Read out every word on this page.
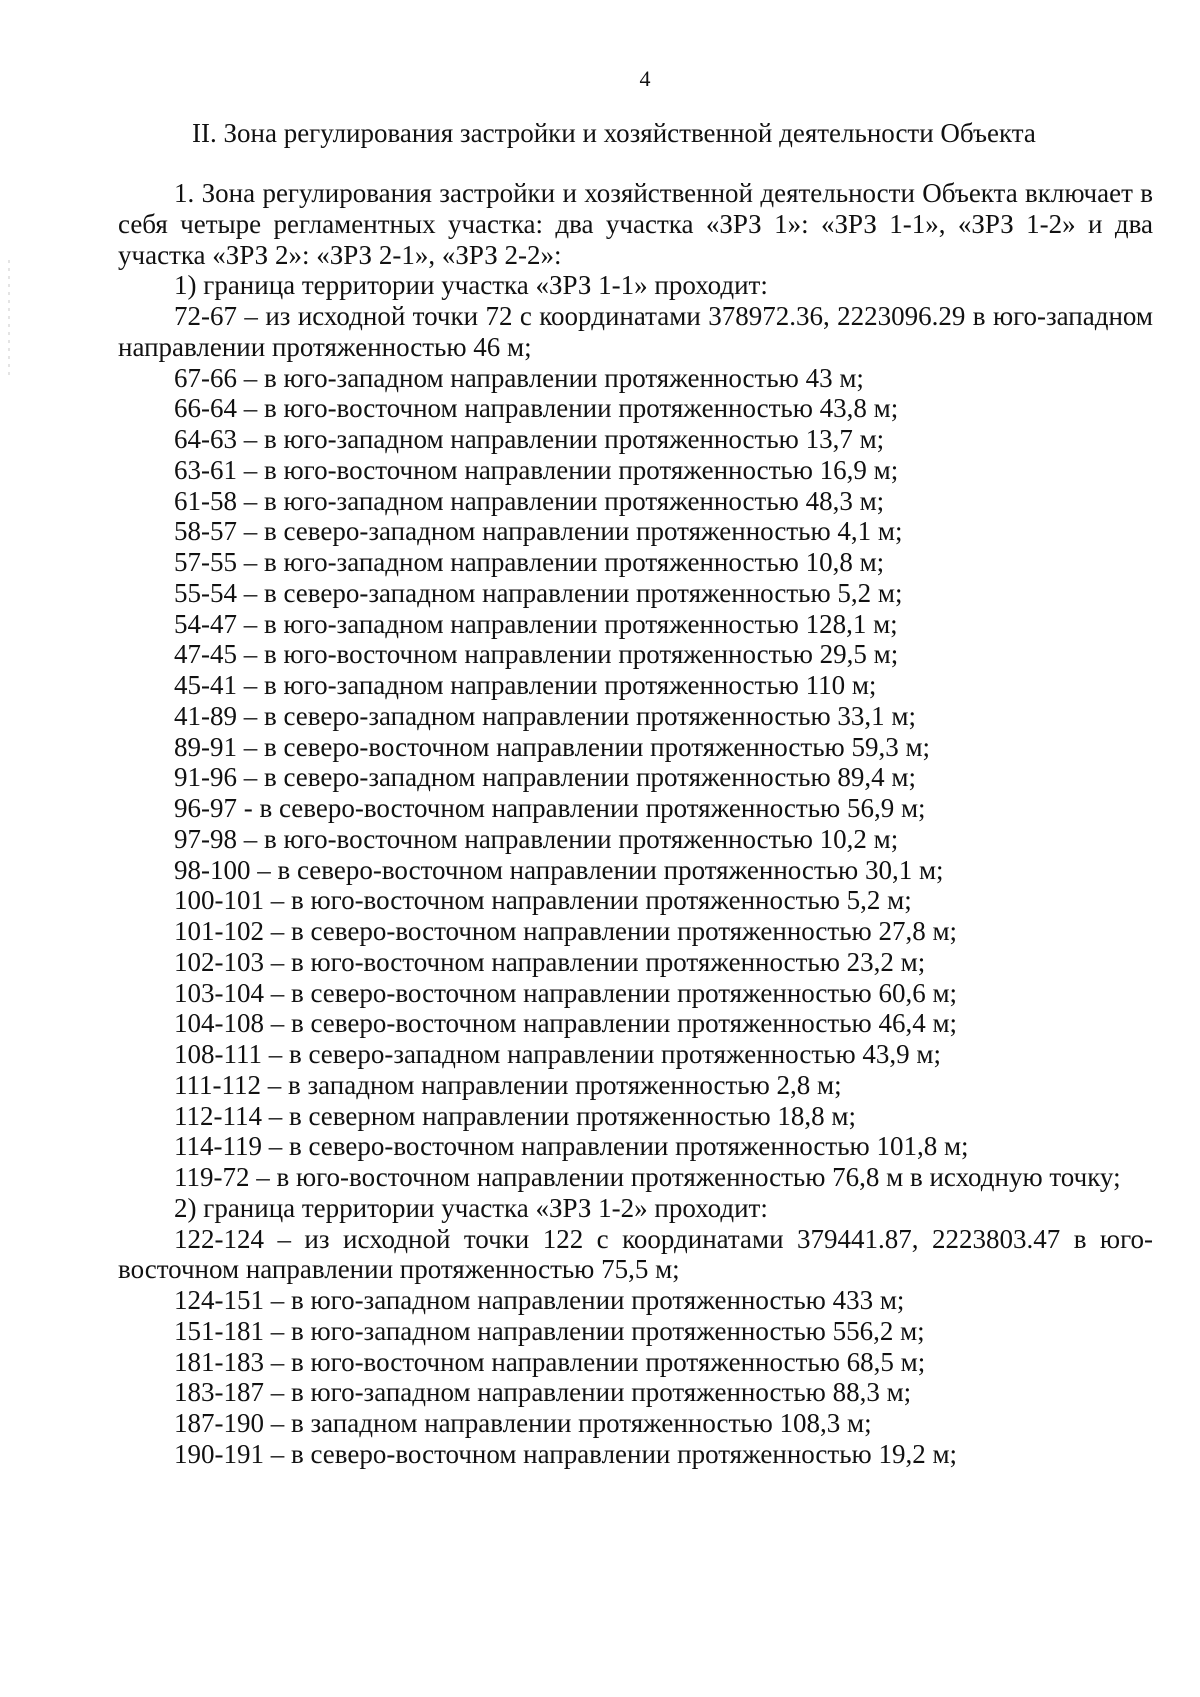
4
II. Зона регулирования застройки и хозяйственной деятельности Объекта

1. Зона регулирования застройки и хозяйственной деятельности Объекта включает в себя четыре регламентных участка: два участка «ЗРЗ 1»: «ЗРЗ 1-1», «ЗРЗ 1-2» и два участка «ЗРЗ 2»: «ЗРЗ 2-1», «ЗРЗ 2-2»:

1) граница территории участка «ЗРЗ 1-1» проходит:

72-67 – из исходной точки 72 с координатами 378972.36, 2223096.29 в юго-западном направлении протяженностью 46 м;

67-66 – в юго-западном направлении протяженностью 43 м;

66-64 – в юго-восточном направлении протяженностью 43,8 м;

64-63 – в юго-западном направлении протяженностью 13,7 м;

63-61 – в юго-восточном направлении протяженностью 16,9 м;

61-58 – в юго-западном направлении протяженностью 48,3 м;

58-57 – в северо-западном направлении протяженностью 4,1 м;

57-55 – в юго-западном направлении протяженностью 10,8 м;

55-54 – в северо-западном направлении протяженностью 5,2 м;

54-47 – в юго-западном направлении протяженностью 128,1 м;

47-45 – в юго-восточном направлении протяженностью 29,5 м;

45-41 – в юго-западном направлении протяженностью 110 м;

41-89 – в северо-западном направлении протяженностью 33,1 м;

89-91 – в северо-восточном направлении протяженностью 59,3 м;

91-96 – в северо-западном направлении протяженностью 89,4 м;

96-97 - в северо-восточном направлении протяженностью 56,9 м;

97-98 – в юго-восточном направлении протяженностью 10,2 м;

98-100 – в северо-восточном направлении протяженностью 30,1 м;

100-101 – в юго-восточном направлении протяженностью 5,2 м;

101-102 – в северо-восточном направлении протяженностью 27,8 м;

102-103 – в юго-восточном направлении протяженностью 23,2 м;

103-104 – в северо-восточном направлении протяженностью 60,6 м;

104-108 – в северо-восточном направлении протяженностью 46,4 м;

108-111 – в северо-западном направлении протяженностью 43,9 м;

111-112 – в западном направлении протяженностью 2,8 м;

112-114 – в северном направлении протяженностью 18,8 м;

114-119 – в северо-восточном направлении протяженностью 101,8 м;

119-72 – в юго-восточном направлении протяженностью 76,8 м в исходную точку;

2) граница территории участка «ЗРЗ 1-2» проходит:

122-124 – из исходной точки 122 с координатами 379441.87, 2223803.47 в юго-восточном направлении протяженностью 75,5 м;

124-151 – в юго-западном направлении протяженностью 433 м;

151-181 – в юго-западном направлении протяженностью 556,2 м;

181-183 – в юго-восточном направлении протяженностью 68,5 м;

183-187 – в юго-западном направлении протяженностью 88,3 м;

187-190 – в западном направлении протяженностью 108,3 м;

190-191 – в северо-восточном направлении протяженностью 19,2 м;
